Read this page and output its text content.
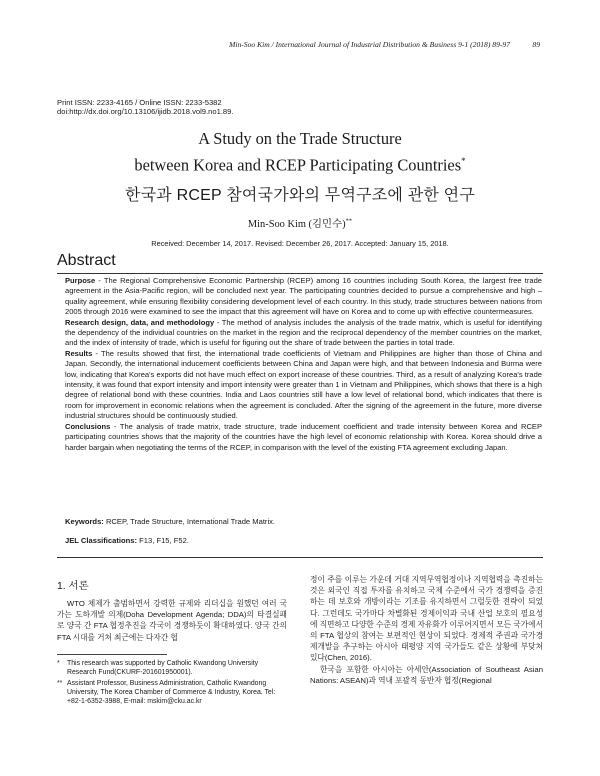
Min-Soo Kim / International Journal of Industrial Distribution & Business 9-1 (2018) 89-97	89
Print ISSN: 2233-4165 / Online ISSN: 2233-5382
doi:http://dx.doi.org/10.13106/ijidb.2018.vol9.no1.89.
A Study on the Trade Structure
between Korea and RCEP Participating Countries*
한국과 RCEP 참여국가와의 무역구조에 관한 연구
Min-Soo Kim (김민수)**
Received: December 14, 2017. Revised: December 26, 2017. Accepted: January 15, 2018.
Abstract

Purpose - The Regional Comprehensive Economic Partnership (RCEP) among 16 countries including South Korea, the largest free trade agreement in the Asia-Pacific region, will be concluded next year. The participating countries decided to pursue a comprehensive and high –quality agreement, while ensuring flexibility considering development level of each country. In this study, trade structures between nations from 2005 through 2016 were examined to see the impact that this agreement will have on Korea and to come up with effective countermeasures.

Research design, data, and methodology - The method of analysis includes the analysis of the trade matrix, which is useful for identifying the dependency of the individual countries on the market in the region and the reciprocal dependency of the member countries on the market, and the index of intensity of trade, which is useful for figuring out the share of trade between the parties in total trade.

Results - The results showed that first, the international trade coefficients of Vietnam and Philippines are higher than those of China and Japan. Secondly, the international inducement coefficients between China and Japan were high, and that between Indonesia and Burma were low, indicating that Korea's exports did not have much effect on export increase of these countries. Third, as a result of analyzing Korea's trade intensity, it was found that export intensity and import intensity were greater than 1 in Vietnam and Philippines, which shows that there is a high degree of relational bond with these countries. India and Laos countries still have a low level of relational bond, which indicates that there is room for improvement in economic relations when the agreement is concluded. After the signing of the agreement in the future, more diverse industrial structures should be continuously studied.

Conclusions - The analysis of trade matrix, trade structure, trade inducement coefficient and trade intensity between Korea and RCEP participating countries shows that the majority of the countries have the high level of economic relationship with Korea. Korea should drive a harder bargain when negotiating the terms of the RCEP, in comparison with the level of the existing FTA agreement excluding Japan.

Keywords: RCEP, Trade Structure, International Trade Matrix.
JEL Classifications: F13, F15, F52.
1. 서론

WTO 체제가 출범하면서 강력한 규제와 리더십을 원했던 여러 국가는 도하개발 의제(Doha Development Agenda; DDA)의 타결실패로 양국 간 FTA 협정추진을 각국이 경쟁하듯이 확대하였다. 양국 간의 FTA 시대를 거쳐 최근에는 다자간 협

* This research was supported by Catholic Kwandong University Research Fund(CKURF-201601950001).
** Assistant Professor, Business Administration, Catholic Kwandong University, The Korea Chamber of Commerce & Industry, Korea. Tel: +82-1-6352-3988, E-mail: mskim@cku.ac.kr

정이 주를 이루는 가운데 거대 지역무역협정이나 지역협력을 촉진하는 것은 외국인 직접 투자를 유치하고 국제 수준에서 국가 경쟁력을 증진하는 데 보호와 개방이라는 기조를 유지하면서 그럴듯한 전략이 되었다. 그런데도 국가마다 차별화된 경제이익과 국내 산업 보호의 필요성에 직면하고 다양한 수준의 경제 자유화가 이루어지면서 모든 국가에서의 FTA 협상의 참여는 보편적인 현상이 되었다. 경제적 주권과 국가경제개발을 추구하는 아시아 태평양 지역 국가들도 같은 상황에 부닺쳐 있다(Chen, 2016).

한국을 포함한 아시아는 아세안(Association of Southeast Asian Nations: ASEAN)과 역내 포괄적 동반자 협정(Regional
